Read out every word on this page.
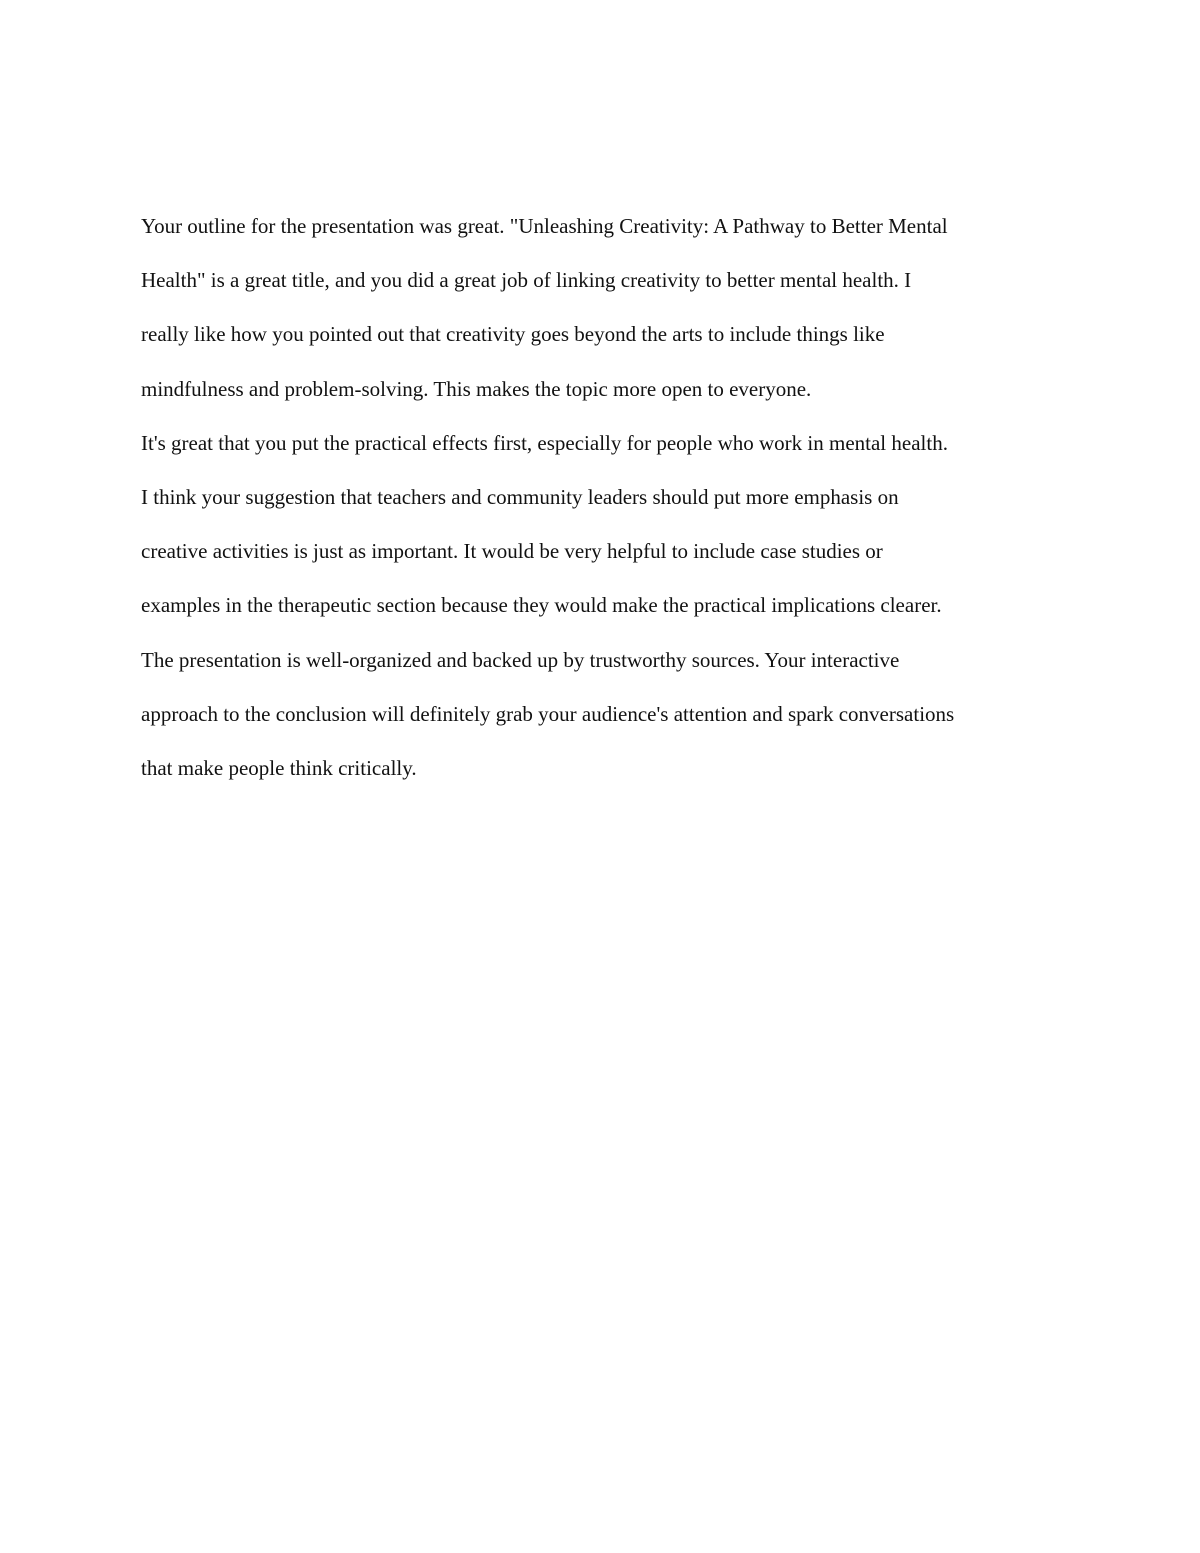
Your outline for the presentation was great. "Unleashing Creativity: A Pathway to Better Mental
Health" is a great title, and you did a great job of linking creativity to better mental health. I
really like how you pointed out that creativity goes beyond the arts to include things like
mindfulness and problem-solving. This makes the topic more open to everyone.
It's great that you put the practical effects first, especially for people who work in mental health.
I think your suggestion that teachers and community leaders should put more emphasis on
creative activities is just as important. It would be very helpful to include case studies or
examples in the therapeutic section because they would make the practical implications clearer.
The presentation is well-organized and backed up by trustworthy sources. Your interactive
approach to the conclusion will definitely grab your audience's attention and spark conversations
that make people think critically.
